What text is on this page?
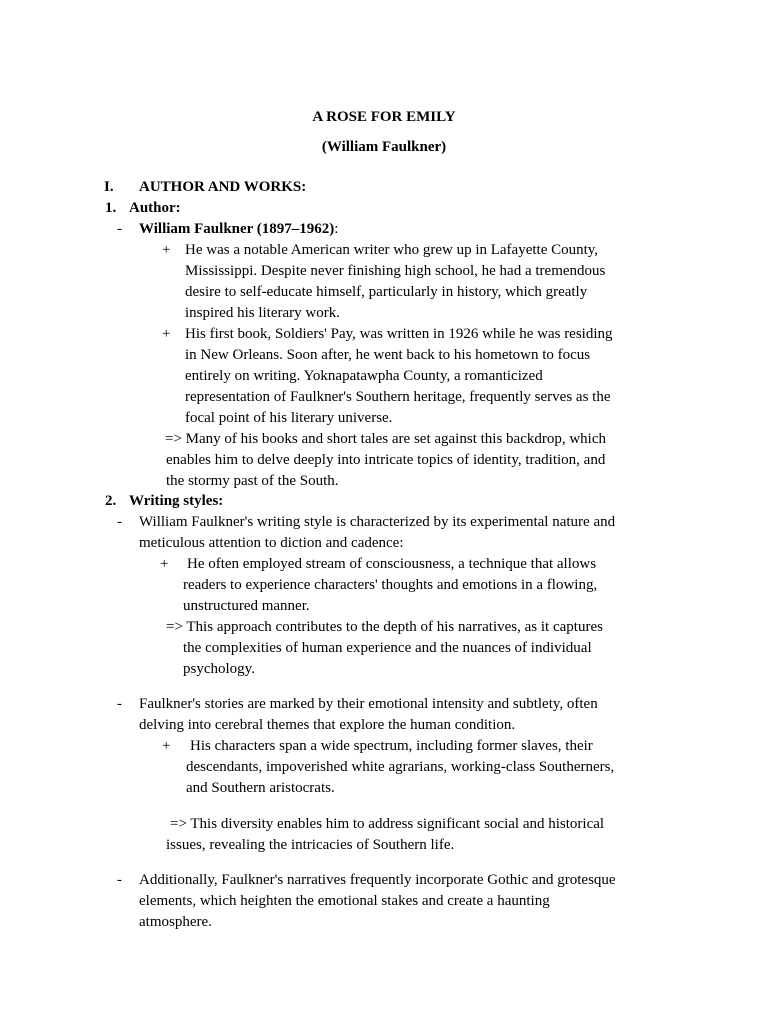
A ROSE FOR EMILY
(William Faulkner)
I. AUTHOR AND WORKS:
1. Author:
- William Faulkner (1897–1962):
+ He was a notable American writer who grew up in Lafayette County,
Mississippi. Despite never finishing high school, he had a tremendous
desire to self-educate himself, particularly in history, which greatly
inspired his literary work.
+ His first book, Soldiers' Pay, was written in 1926 while he was residing
in New Orleans. Soon after, he went back to his hometown to focus
entirely on writing. Yoknapatawpha County, a romanticized
representation of Faulkner's Southern heritage, frequently serves as the
focal point of his literary universe.
=> Many of his books and short tales are set against this backdrop, which
enables him to delve deeply into intricate topics of identity, tradition, and
the stormy past of the South.
2. Writing styles:
- William Faulkner's writing style is characterized by its experimental nature and
meticulous attention to diction and cadence:
+ He often employed stream of consciousness, a technique that allows
readers to experience characters' thoughts and emotions in a flowing,
unstructured manner.
=> This approach contributes to the depth of his narratives, as it captures
the complexities of human experience and the nuances of individual
psychology.
- Faulkner's stories are marked by their emotional intensity and subtlety, often
delving into cerebral themes that explore the human condition.
+ His characters span a wide spectrum, including former slaves, their
descendants, impoverished white agrarians, working-class Southerners,
and Southern aristocrats.
=> This diversity enables him to address significant social and historical
issues, revealing the intricacies of Southern life.
- Additionally, Faulkner's narratives frequently incorporate Gothic and grotesque
elements, which heighten the emotional stakes and create a haunting
atmosphere.
